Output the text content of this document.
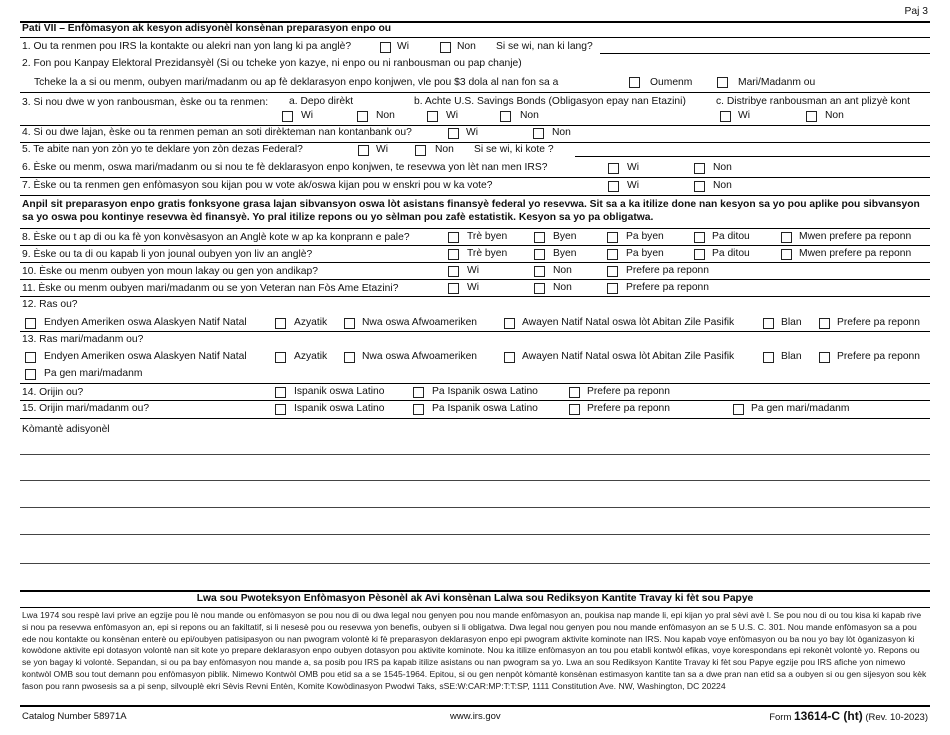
Paj 3
Pati VII – Enfòmasyon ak kesyon adisyonèl konsènan preparasyon enpo ou
1. Ou ta renmen pou IRS la kontakte ou alekri nan yon lang ki pa anglè?	Wi	Non Si se wi, nan ki lang?
2. Fon pou Kanpay Elektoral Prezidansyèl (Si ou tcheke yon kazye, ni enpo ou ni ranbousman ou pap chanje)
Tcheke la a si ou menm, oubyen mari/madanm ou ap fè deklarasyon enpo konjwen, vle pou $3 dola al nan fon sa a	Oumenm	Mari/Madanm ou
3. Si nou dwe w yon ranbousman, èske ou ta renmen: a. Depo dirèkt	b. Achte U.S. Savings Bonds (Obligasyon epay nan Etazini)	c. Distribye ranbousman an ant plizyè kont
Wi	Non	Wi	Non	Wi	Non
4. Si ou dwe lajan, èske ou ta renmen peman an soti dirèkteman nan kontanbank ou?	Wi	Non
5. Te abite nan yon zòn yo te deklare yon zòn dezas Federal?	Wi	Non Si se wi, ki kote ?
6. Èske ou menm, oswa mari/madanm ou si nou te fè deklarasyon enpo konjwen, te resevwa yon lèt nan men IRS?	Wi	Non
7. Èske ou ta renmen gen enfòmasyon sou kijan pou w vote ak/oswa kijan pou w enskri pou w ka vote?	Wi	Non
Anpil sit preparasyon enpo gratis fonksyone grasa lajan sibvansyon oswa lòt asistans finansyè federal yo resevwa. Sit sa a ka itilize done nan kesyon sa yo pou aplike pou sibvansyon sa yo oswa pou kontinye resevwa èd finansyè. Yo pral itilize repons ou yo sèlman pou zafè estatistik. Kesyon sa yo pa obligatwa.
8. Èske ou t ap di ou ka fè yon konvèsasyon an Anglè kote w ap ka konprann e pale?	Trè byen	Byen	Pa byen	Pa ditou	Mwen prefere pa reponn
9. Èske ou ta di ou kapab li yon jounal oubyen yon liv an anglè?	Trè byen	Byen	Pa byen	Pa ditou	Mwen prefere pa reponn
10. Èske ou menm oubyen yon moun lakay ou gen yon andikap?	Wi	Non	Prefere pa reponn
11. Èske ou menm oubyen mari/madanm ou se yon Veteran nan Fòs Ame Etazini?	Wi	Non	Prefere pa reponn
12. Ras ou?
Endyen Ameriken oswa Alaskyen Natif Natal	Azyatik	Nwa oswa Afwoameriken	Awayen Natif Natal oswa lòt Abitan Zile Pasifik	Blan	Prefere pa reponn
13. Ras mari/madanm ou?
Endyen Ameriken oswa Alaskyen Natif Natal	Azyatik	Nwa oswa Afwoameriken	Awayen Natif Natal oswa lòt Abitan Zile Pasifik	Blan	Prefere pa reponn
Pa gen mari/madanm
14. Orijin ou?	Ispanik oswa Latino	Pa Ispanik oswa Latino	Prefere pa reponn
15. Orijin mari/madanm ou?	Ispanik oswa Latino	Pa Ispanik oswa Latino	Prefere pa reponn	Pa gen mari/madanm
Kòmantè adisyonèl
Lwa sou Pwoteksyon Enfòmasyon Pèsonèl ak Avi konsènan Lalwa sou Rediksyon Kantite Travay ki fèt sou Papye
Lwa 1974 sou respè lavi prive an egzije pou lè nou mande ou enfòmasyon se pou nou di ou dwa legal nou genyen pou nou mande enfòmasyon an, poukisa nap mande li, epi kijan yo pral sèvi avè l. Se pou nou di ou tou kisa ki kapab rive si nou pa resevwa enfòmasyon an, epi si repons ou an fakiltatif, si li nesesè pou ou resevwa yon benefis, oubyen si li obligatwa. Dwa legal nou genyen pou nou mande enfòmasyon an se 5 U.S. C. 301. Nou mande enfòmasyon sa a pou ede nou kontakte ou konsènan enterè ou epi/oubyen patisipasyon ou nan pwogram volontè ki fè preparasyon deklarasyon enpo epi pwogram aktivite kominote nan IRS. Nou kapab voye enfòmasyon ou ba nou yo bay lòt òganizasyon ki kowòdone aktivite epi dotasyon volontè nan sit kote yo prepare deklarasyon enpo oubyen dotasyon pou aktivite kominote. Nou ka itilize enfòmasyon an tou pou etabli kontwòl efikas, voye korespondans epi rekonèt volontè yo. Repons ou se yon bagay ki volontè. Sepandan, si ou pa bay enfòmasyon nou mande a, sa posib pou IRS pa kapab itilize asistans ou nan pwogram sa yo. Lwa an sou Rediksyon Kantite Travay ki fèt sou Papye egzije pou IRS afiche yon nimewo kontwòl OMB sou tout demann pou enfòmasyon piblik. Nimewo Kontwòl OMB pou etid sa a se 1545-1964. Epitou, si ou gen nenpòt kòmantè konsènan estimasyon kantite tan sa a dwe pran nan etid sa a oubyen si ou gen sijesyon sou kèk fason pou rann pwosesis sa a pi senp, silvouplè ekri Sèvis Revni Entèn, Komite Kowòdinasyon Pwodwi Taks, sSE:W:CAR:MP:T:T:SP, 1111 Constitution Ave. NW, Washington, DC 20224
Catalog Number 58971A	www.irs.gov	Form 13614-C (ht) (Rev. 10-2023)
